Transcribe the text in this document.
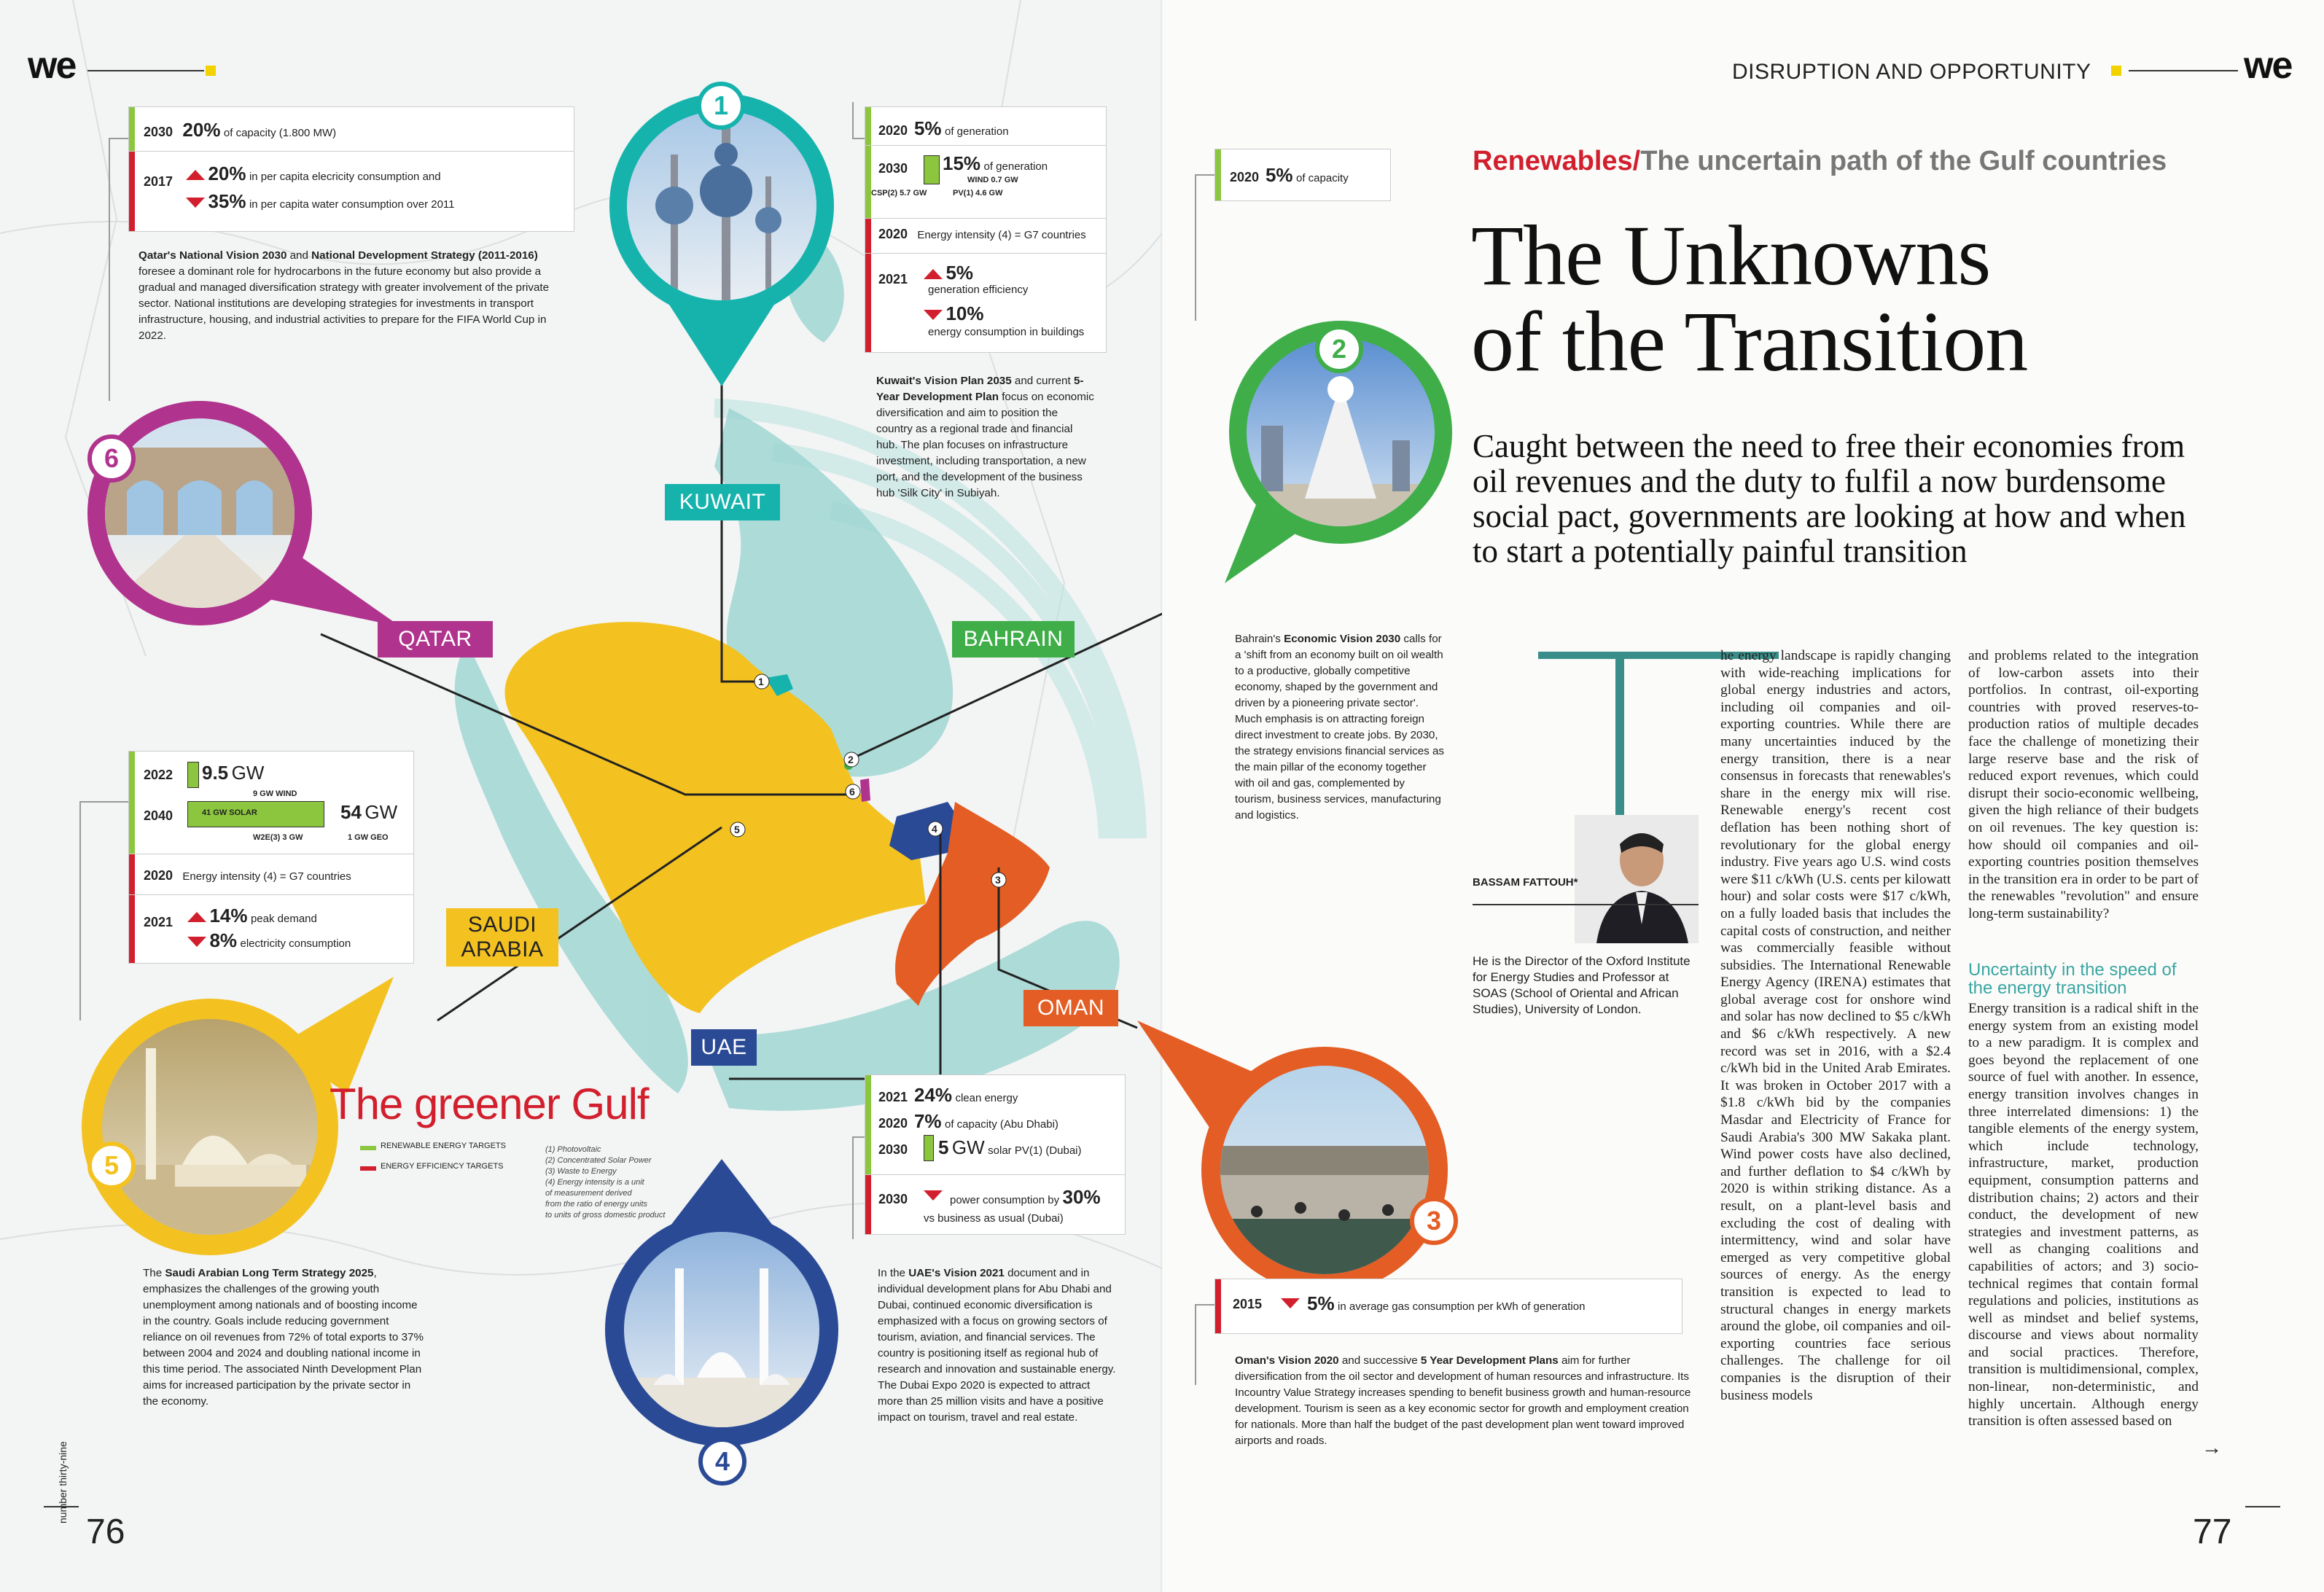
1
2
3
4
5
6
we	we
DISRUPTION AND OPPORTUNITY
Renewables/The uncertain path of the Gulf countries
The Unknowns
of the Transition
Caught between the need to free their economies from oil revenues and the duty to fulfil a now burdensome social pact, governments are looking at how and when to start a potentially painful transition
BASSAM FATTOUH*
He is the Director of the Oxford Institute for Energy Studies and Professor at SOAS (School of Oriental and African Studies), University of London.
he energy landscape is rapidly changing with wide-reaching implications for global energy industries and actors, including oil companies and oil-exporting countries. While there are many uncertainties induced by the energy transition, there is a near consensus in forecasts that renewables's share in the energy mix will rise. Renewable energy's recent cost deflation has been nothing short of revolutionary for the global energy industry. Five years ago U.S. wind costs were $11 c/kWh (U.S. cents per kilowatt hour) and solar costs were $17 c/kWh, on a fully loaded basis that includes the capital costs of construction, and neither was commercially feasible without subsidies. The International Renewable Energy Agency (IRENA) estimates that global average cost for onshore wind and solar has now declined to $5 c/kWh and $6 c/kWh respectively. A new record was set in 2016, with a $2.4 c/kWh bid in the United Arab Emirates. It was broken in October 2017 with a $1.8 c/kWh bid by the companies Masdar and Electricity of France for Saudi Arabia's 300 MW Sakaka plant. Wind power costs have also declined, and further deflation to $4 c/kWh by 2020 is within striking distance. As a result, on a plant-level basis and excluding the cost of dealing with intermittency, wind and solar have emerged as very competitive global sources of energy. As the energy transition is expected to lead to structural changes in energy markets around the globe, oil companies and oil-exporting countries face serious challenges. The challenge for oil companies is the disruption of their business models
and problems related to the integration of low-carbon assets into their portfolios. In contrast, oil-exporting countries with proved reserves-to-production ratios of multiple decades face the challenge of monetizing their large reserve base and the risk of reduced export revenues, which could disrupt their socio-economic wellbeing, given the high reliance of their budgets on oil revenues. The key question is: how should oil companies and oil-exporting countries position themselves in the transition era in order to be part of the renewables "revolution" and ensure long-term sustainability?
Uncertainty in the speed of the energy transition
Energy transition is a radical shift in the energy system from an existing model to a new paradigm. It is complex and goes beyond the replacement of one source of fuel with another. In essence, energy transition involves changes in three interrelated dimensions: 1) the tangible elements of the energy system, which include technology, infrastructure, market, production equipment, consumption patterns and distribution chains; 2) actors and their conduct, the development of new strategies and investment patterns, as well as changing coalitions and capabilities of actors; and 3) socio-technical regimes that contain formal regulations and policies, institutions as well as mindset and belief systems, discourse and views about normality and social practices. Therefore, transition is multidimensional, complex, non-linear, non-deterministic, and highly uncertain. Although energy transition is often assessed based on
→
76	77
1
KUWAIT
2
BAHRAIN
6
QATAR
5
SAUDI ARABIA
4
UAE
3
OMAN
2030 20% of capacity (1.800 MW)
2017	20% in per capita elecricity consumption and
35% in per capita water consumption over 2011
Qatar's National Vision 2030 and National Development Strategy (2011-2016) foresee a dominant role for hydrocarbons in the future economy but also provide a gradual and managed diversification strategy with greater involvement of the private sector. National institutions are developing strategies for investments in transport infrastructure, housing, and industrial activities to prepare for the FIFA World Cup in 2022.
2020 5% of generation
2030 15% of generation
WIND 0.7 GW
PV(1) 4.6 GW
CSP(2) 5.7 GW
2020 Energy intensity (4) = G7 countries
2021	5%
generation efficiency
10%
energy consumption in buildings
Kuwait's Vision Plan 2035 and current 5-Year Development Plan focus on economic diversification and aim to position the country as a regional trade and financial hub. The plan focuses on infrastructure investment, including transportation, a new port, and the development of the business hub 'Silk City' in Subiyah.
2020 5% of capacity
Bahrain's Economic Vision 2030 calls for a 'shift from an economy built on oil wealth to a productive, globally competitive economy, shaped by the government and driven by a pioneering private sector'. Much emphasis is on attracting foreign direct investment to create jobs. By 2030, the strategy envisions financial services as the main pillar of the economy together with oil and gas, complemented by tourism, business services, manufacturing and logistics.
2022 9.5 GW
9 GW WIND
2040	41 GW SOLAR	54 GW
W2E(3) 3 GW	1 GW GEO
2020 Energy intensity (4) = G7 countries
2021	14% peak demand
8% electricity consumption
The Saudi Arabian Long Term Strategy 2025, emphasizes the challenges of the growing youth unemployment among nationals and of boosting income in the country. Goals include reducing government reliance on oil revenues from 72% of total exports to 37% between 2004 and 2024 and doubling national income in this time period. The associated Ninth Development Plan aims for increased participation by the private sector in the economy.
The greener Gulf
RENEWABLE ENERGY TARGETS
ENERGY EFFICIENCY TARGETS
(1) Photovoltaic
(2) Concentrated Solar Power
(3) Waste to Energy
(4) Energy intensity is a unit
of measurement derived
from the ratio of energy units
to units of gross domestic product
2021 24% clean energy
2020 7% of capacity (Abu Dhabi)
2030 5 GW solar PV(1) (Dubai)
2030	power consumption by 30%
vs business as usual (Dubai)
In the UAE's Vision 2021 document and in individual development plans for Abu Dhabi and Dubai, continued economic diversification is emphasized with a focus on growing sectors of tourism, aviation, and financial services. The country is positioning itself as regional hub of research and innovation and sustainable energy. The Dubai Expo 2020 is expected to attract more than 25 million visits and have a positive impact on tourism, travel and real estate.
2015 5% in average gas consumption per kWh of generation
Oman's Vision 2020 and successive 5 Year Development Plans aim for further diversification from the oil sector and development of human resources and infrastructure. Its Incountry Value Strategy increases spending to benefit business growth and human-resource development. Tourism is seen as a key economic sector for growth and employment creation for nationals. More than half the budget of the past development plan went toward improved airports and roads.
